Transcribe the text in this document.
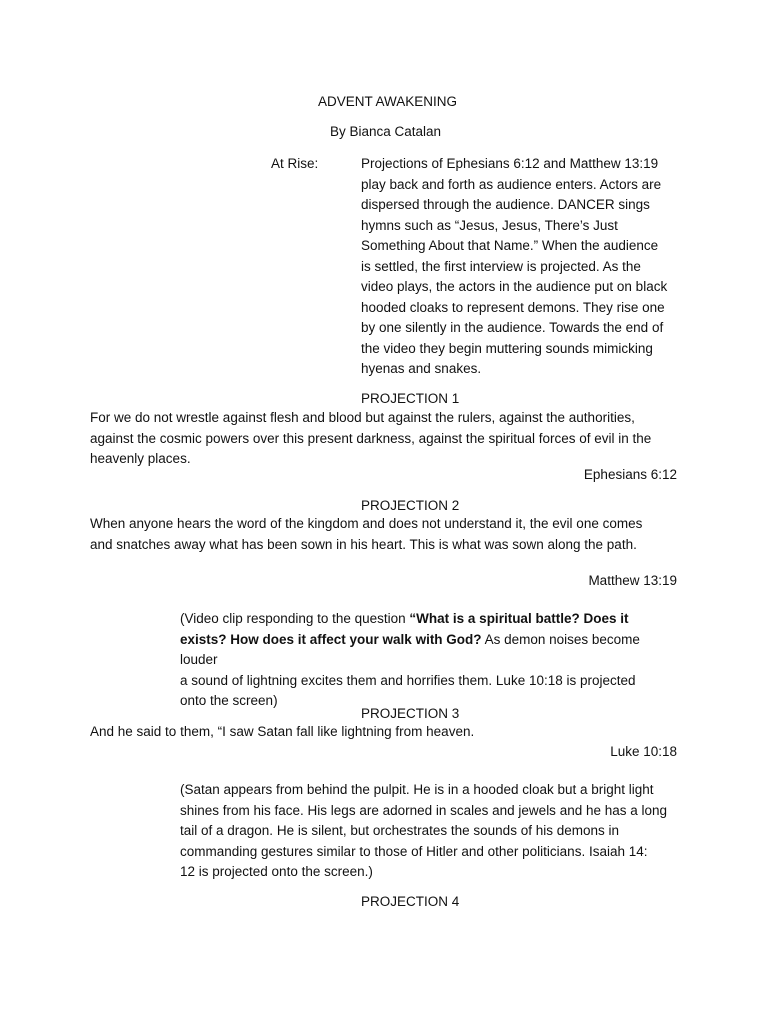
ADVENT AWAKENING
By Bianca Catalan
At Rise:	Projections of Ephesians 6:12 and Matthew 13:19
play back and forth as audience enters. Actors are
dispersed through the audience. DANCER sings
hymns such as “Jesus, Jesus, There’s Just
Something About that Name.” When the audience
is settled, the first interview is projected. As the
video plays, the actors in the audience put on black
hooded cloaks to represent demons. They rise one
by one silently in the audience. Towards the end of
the video they begin muttering sounds mimicking
hyenas and snakes.
PROJECTION 1
For we do not wrestle against flesh and blood but against the rulers, against the authorities,
against the cosmic powers over this present darkness, against the spiritual forces of evil in the
heavenly places.
Ephesians 6:12
PROJECTION 2
When anyone hears the word of the kingdom and does not understand it, the evil one comes
and snatches away what has been sown in his heart. This is what was sown along the path.
Matthew 13:19
(Video clip responding to the question “What is a spiritual battle? Does it
exists? How does it affect your walk with God? As demon noises become louder
a sound of lightning excites them and horrifies them. Luke 10:18 is projected
onto the screen)
PROJECTION 3
And he said to them, “I saw Satan fall like lightning from heaven.
Luke 10:18
(Satan appears from behind the pulpit. He is in a hooded cloak but a bright light
shines from his face. His legs are adorned in scales and jewels and he has a long
tail of a dragon. He is silent, but orchestrates the sounds of his demons in
commanding gestures similar to those of Hitler and other politicians. Isaiah 14:
12 is projected onto the screen.)
PROJECTION 4
